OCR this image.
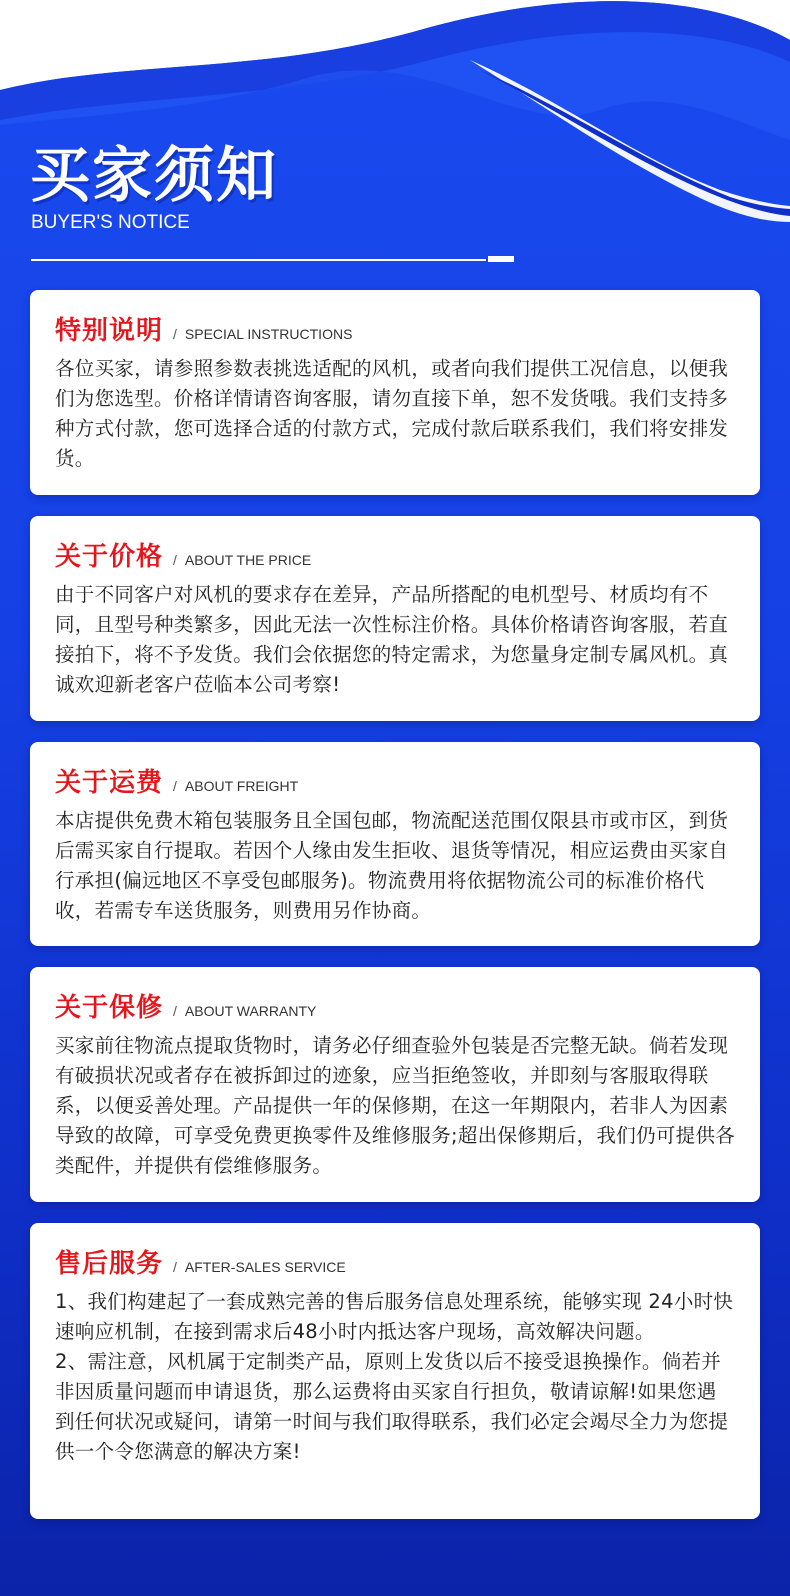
买家须知
BUYER'S NOTICE
特别说明 / SPECIAL INSTRUCTIONS

各位买家，请参照参数表挑选适配的风机，或者向我们提供工况信息，以便我们为您选型。价格详情请咨询客服，请勿直接下单，恕不发货哦。我们支持多种方式付款，您可选择合适的付款方式，完成付款后联系我们，我们将安排发货。

关于价格 / ABOUT THE PRICE

由于不同客户对风机的要求存在差异，产品所搭配的电机型号、材质均有不同，且型号种类繁多，因此无法一次性标注价格。具体价格请咨询客服，若直接拍下，将不予发货。我们会依据您的特定需求，为您量身定制专属风机。真诚欢迎新老客户莅临本公司考察!

关于运费 / ABOUT FREIGHT

本店提供免费木箱包装服务且全国包邮，物流配送范围仅限县市或市区，到货后需买家自行提取。若因个人缘由发生拒收、退货等情况，相应运费由买家自行承担(偏远地区不享受包邮服务)。物流费用将依据物流公司的标准价格代收，若需专车送货服务，则费用另作协商。

关于保修 / ABOUT WARRANTY

买家前往物流点提取货物时，请务必仔细查验外包装是否完整无缺。倘若发现有破损状况或者存在被拆卸过的迹象，应当拒绝签收，并即刻与客服取得联系，以便妥善处理。产品提供一年的保修期，在这一年期限内，若非人为因素导致的故障，可享受免费更换零件及维修服务;超出保修期后，我们仍可提供各类配件，并提供有偿维修服务。

售后服务 / AFTER-SALES SERVICE

1、我们构建起了一套成熟完善的售后服务信息处理系统，能够实现 24小时快速响应机制，在接到需求后48小时内抵达客户现场，高效解决问题。

2、需注意，风机属于定制类产品，原则上发货以后不接受退换操作。倘若并非因质量问题而申请退货，那么运费将由买家自行担负，敬请谅解!如果您遇到任何状况或疑问，请第一时间与我们取得联系，我们必定会竭尽全力为您提供一个令您满意的解决方案!
